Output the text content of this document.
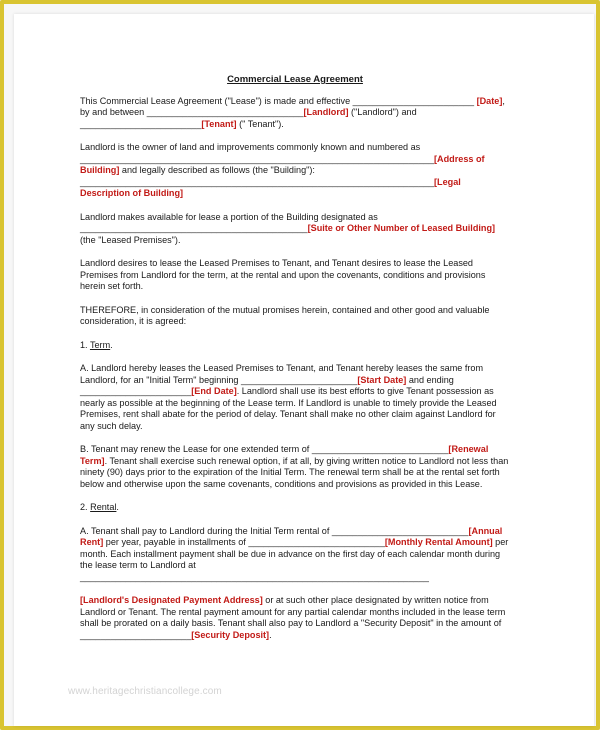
Commercial Lease Agreement

This Commercial Lease Agreement ("Lease") is made and effective ________________________ [Date], by and between _______________________________[Landlord] ("Landlord") and ________________________[Tenant] (" Tenant").

Landlord is the owner of land and improvements commonly known and numbered as ______________________________________________________________________[Address of Building] and legally described as follows (the "Building"): ______________________________________________________________________[Legal Description of Building]

Landlord makes available for lease a portion of the Building designated as _____________________________________________[Suite or Other Number of Leased Building] (the "Leased Premises").

Landlord desires to lease the Leased Premises to Tenant, and Tenant desires to lease the Leased Premises from Landlord for the term, at the rental and upon the covenants, conditions and provisions herein set forth.

THEREFORE, in consideration of the mutual promises herein, contained and other good and valuable consideration, it is agreed:

1. Term.

A. Landlord hereby leases the Leased Premises to Tenant, and Tenant hereby leases the same from Landlord, for an "Initial Term" beginning _______________________[Start Date] and ending ______________________[End Date]. Landlord shall use its best efforts to give Tenant possession as nearly as possible at the beginning of the Lease term. If Landlord is unable to timely provide the Leased Premises, rent shall abate for the period of delay. Tenant shall make no other claim against Landlord for any such delay.

B. Tenant may renew the Lease for one extended term of ___________________________[Renewal Term]. Tenant shall exercise such renewal option, if at all, by giving written notice to Landlord not less than ninety (90) days prior to the expiration of the Initial Term. The renewal term shall be at the rental set forth below and otherwise upon the same covenants, conditions and provisions as provided in this Lease.

2. Rental.

A. Tenant shall pay to Landlord during the Initial Term rental of ___________________________[Annual Rent] per year, payable in installments of ___________________________[Monthly Rental Amount] per month. Each installment payment shall be due in advance on the first day of each calendar month during the lease term to Landlord at _____________________________________________________________________

[Landlord's Designated Payment Address] or at such other place designated by written notice from Landlord or Tenant. The rental payment amount for any partial calendar months included in the lease term shall be prorated on a daily basis. Tenant shall also pay to Landlord a "Security Deposit" in the amount of ______________________[Security Deposit].

www.heritagechristiancollege.com
